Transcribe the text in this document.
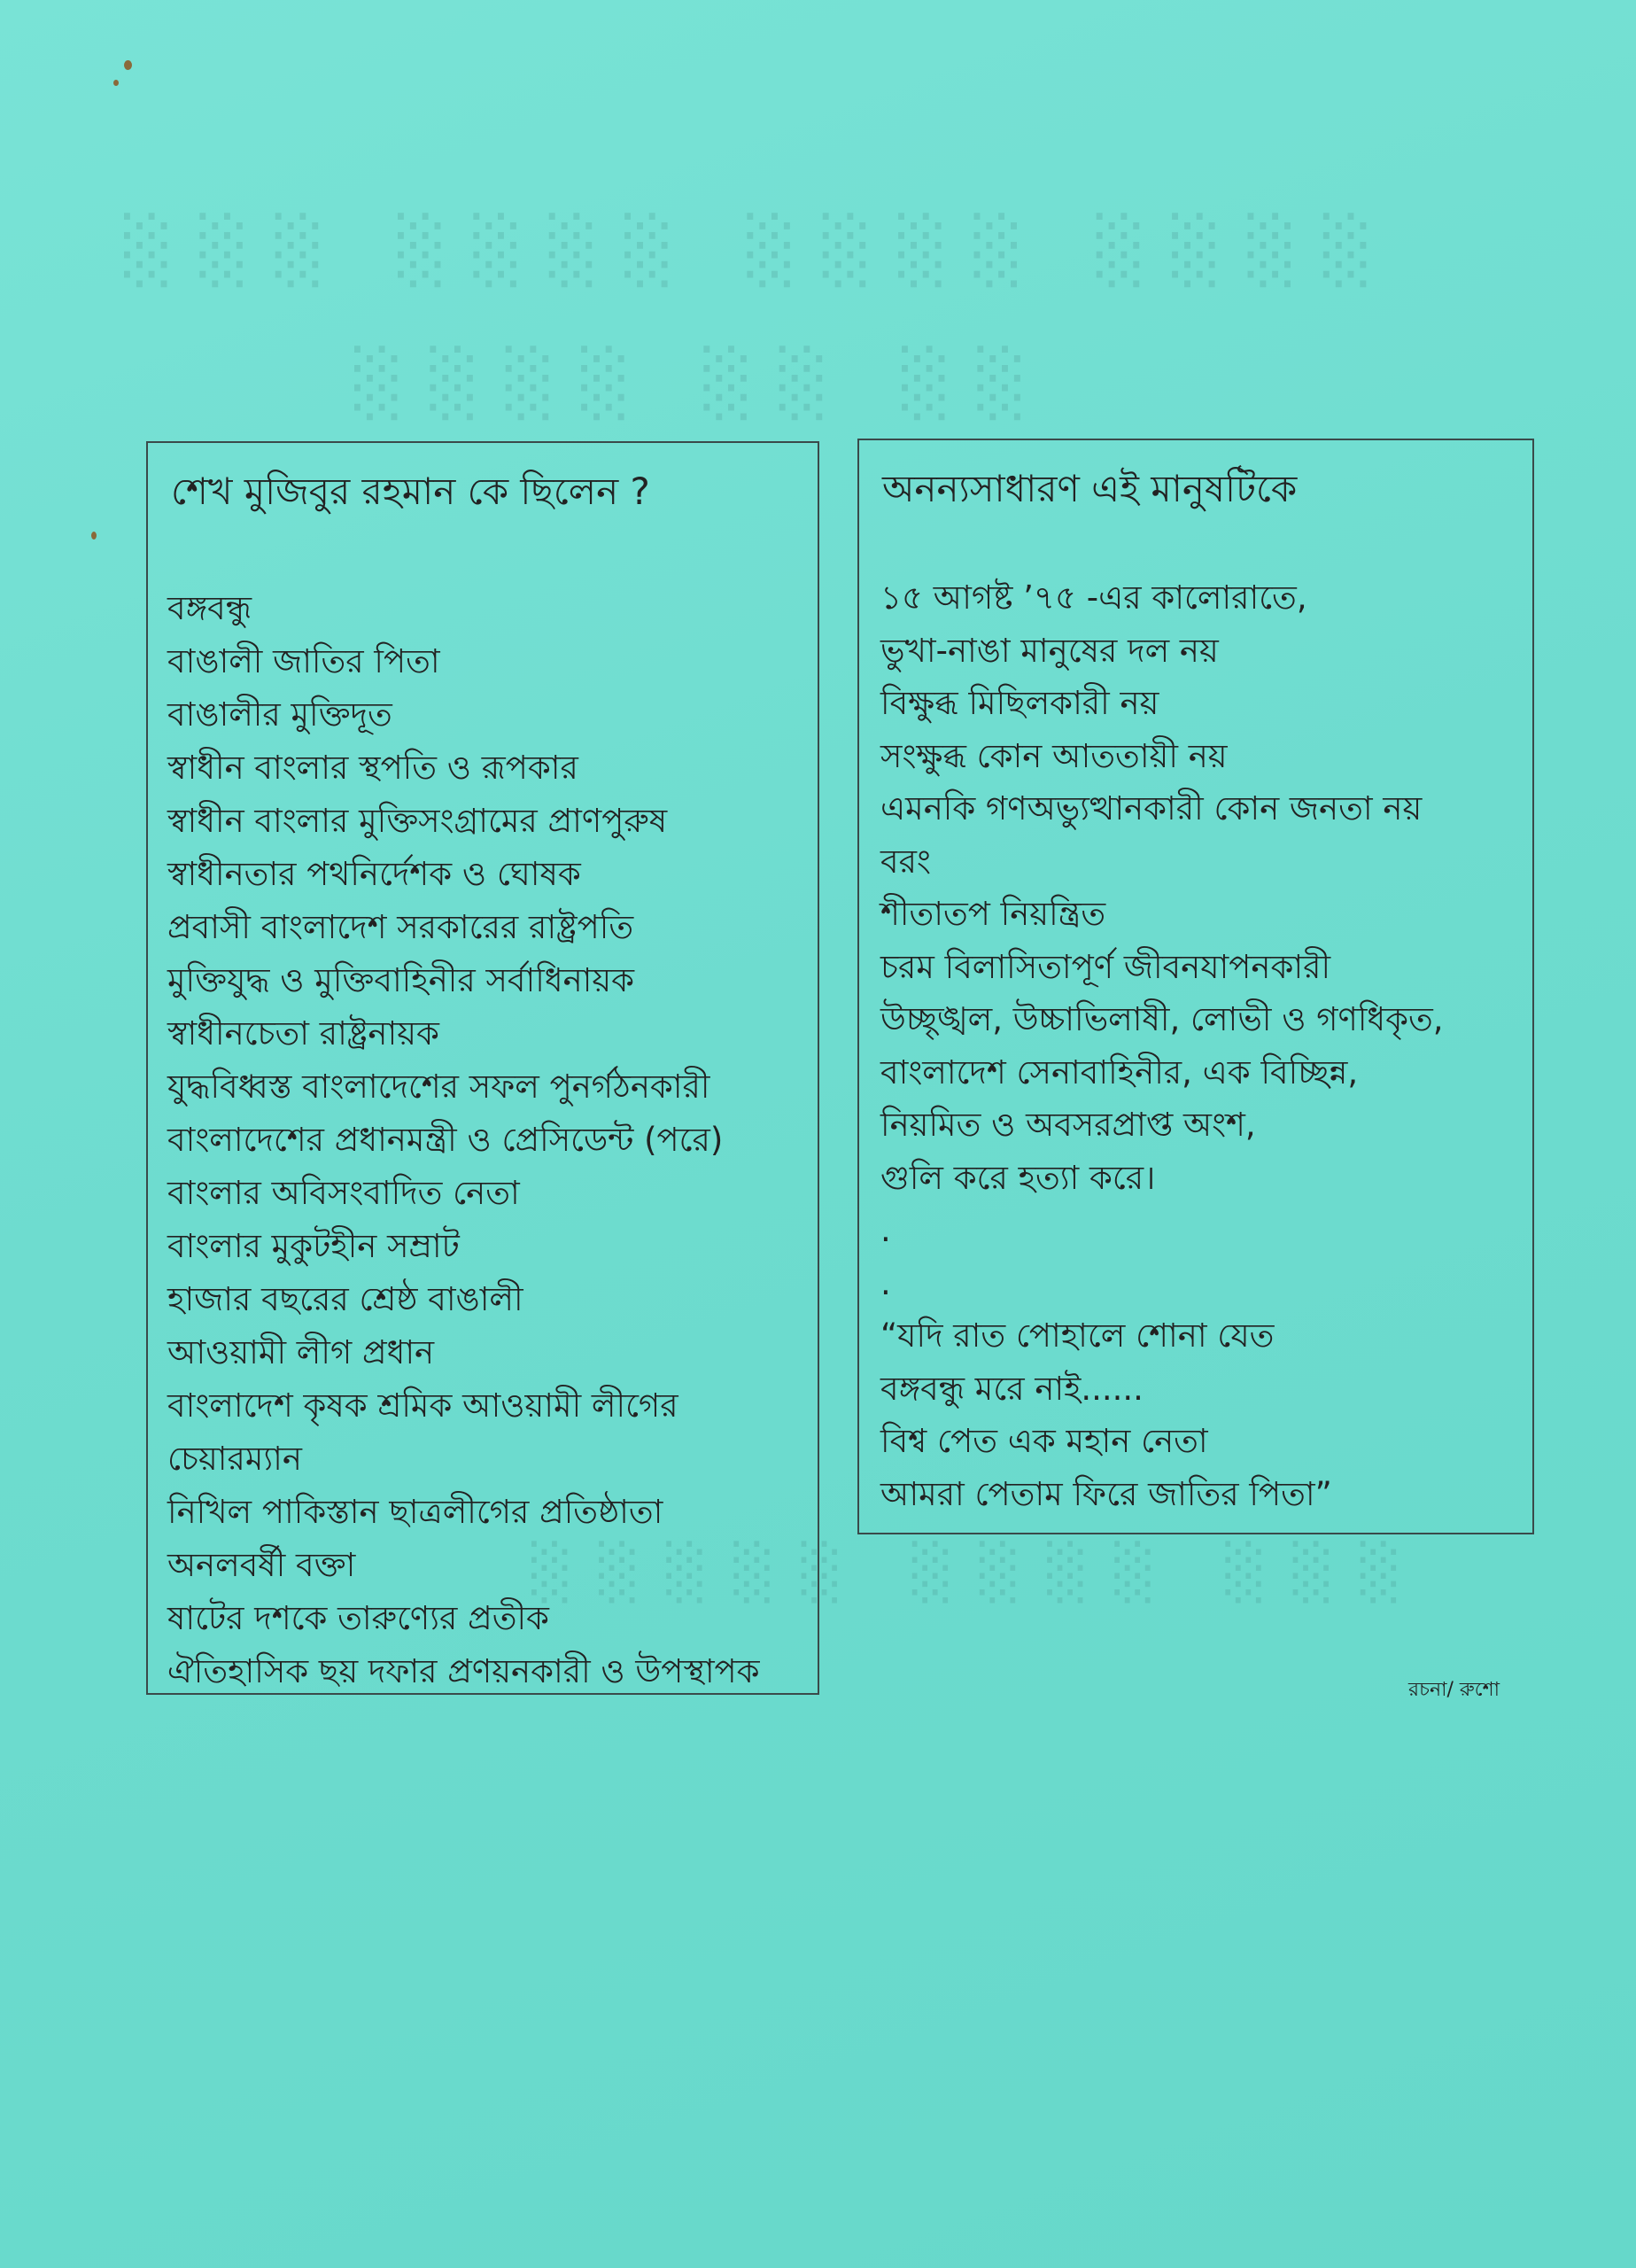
░░░ ░░░░ ░░░░ ░░░░
░░░░ ░░ ░░
░░░░░ ░░░░ ░░░
শেখ মুজিবুর রহমান কে ছিলেন ?
বঙ্গবন্ধু
বাঙালী জাতির পিতা
বাঙালীর মুক্তিদূত
স্বাধীন বাংলার স্থপতি ও রূপকার
স্বাধীন বাংলার মুক্তিসংগ্রামের প্রাণপুরুষ
স্বাধীনতার পথনির্দেশক ও ঘোষক
প্রবাসী বাংলাদেশ সরকারের রাষ্ট্রপতি
মুক্তিযুদ্ধ ও মুক্তিবাহিনীর সর্বাধিনায়ক
স্বাধীনচেতা রাষ্ট্রনায়ক
যুদ্ধবিধ্বস্ত বাংলাদেশের সফল পুনর্গঠনকারী
বাংলাদেশের প্রধানমন্ত্রী ও প্রেসিডেন্ট (পরে)
বাংলার অবিসংবাদিত নেতা
বাংলার মুকুটহীন সম্রাট
হাজার বছরের শ্রেষ্ঠ বাঙালী
আওয়ামী লীগ প্রধান
বাংলাদেশ কৃষক শ্রমিক আওয়ামী লীগের
চেয়ারম্যান
নিখিল পাকিস্তান ছাত্রলীগের প্রতিষ্ঠাতা
অনলবর্ষী বক্তা
ষাটের দশকে তারুণ্যের প্রতীক
ঐতিহাসিক ছয় দফার প্রণয়নকারী ও উপস্থাপক
অনন্যসাধারণ এই মানুষটিকে
১৫ আগষ্ট ’৭৫ -এর কালোরাতে,
ভুখা-নাঙা মানুষের দল নয়
বিক্ষুব্ধ মিছিলকারী নয়
সংক্ষুব্ধ কোন আততায়ী নয়
এমনকি গণঅভ্যুত্থানকারী কোন জনতা নয়
বরং
শীতাতপ নিয়ন্ত্রিত
চরম বিলাসিতাপূর্ণ জীবনযাপনকারী
উচ্ছৃঙ্খল, উচ্চাভিলাষী, লোভী ও গণধিকৃত,
বাংলাদেশ সেনাবাহিনীর, এক বিচ্ছিন্ন,
নিয়মিত ও অবসরপ্রাপ্ত অংশ,
গুলি করে হত্যা করে।
.
.
“যদি রাত পোহালে শোনা যেত
বঙ্গবন্ধু মরে নাই......
বিশ্ব পেত এক মহান নেতা
আমরা পেতাম ফিরে জাতির পিতা”
রচনা/ রুশো
